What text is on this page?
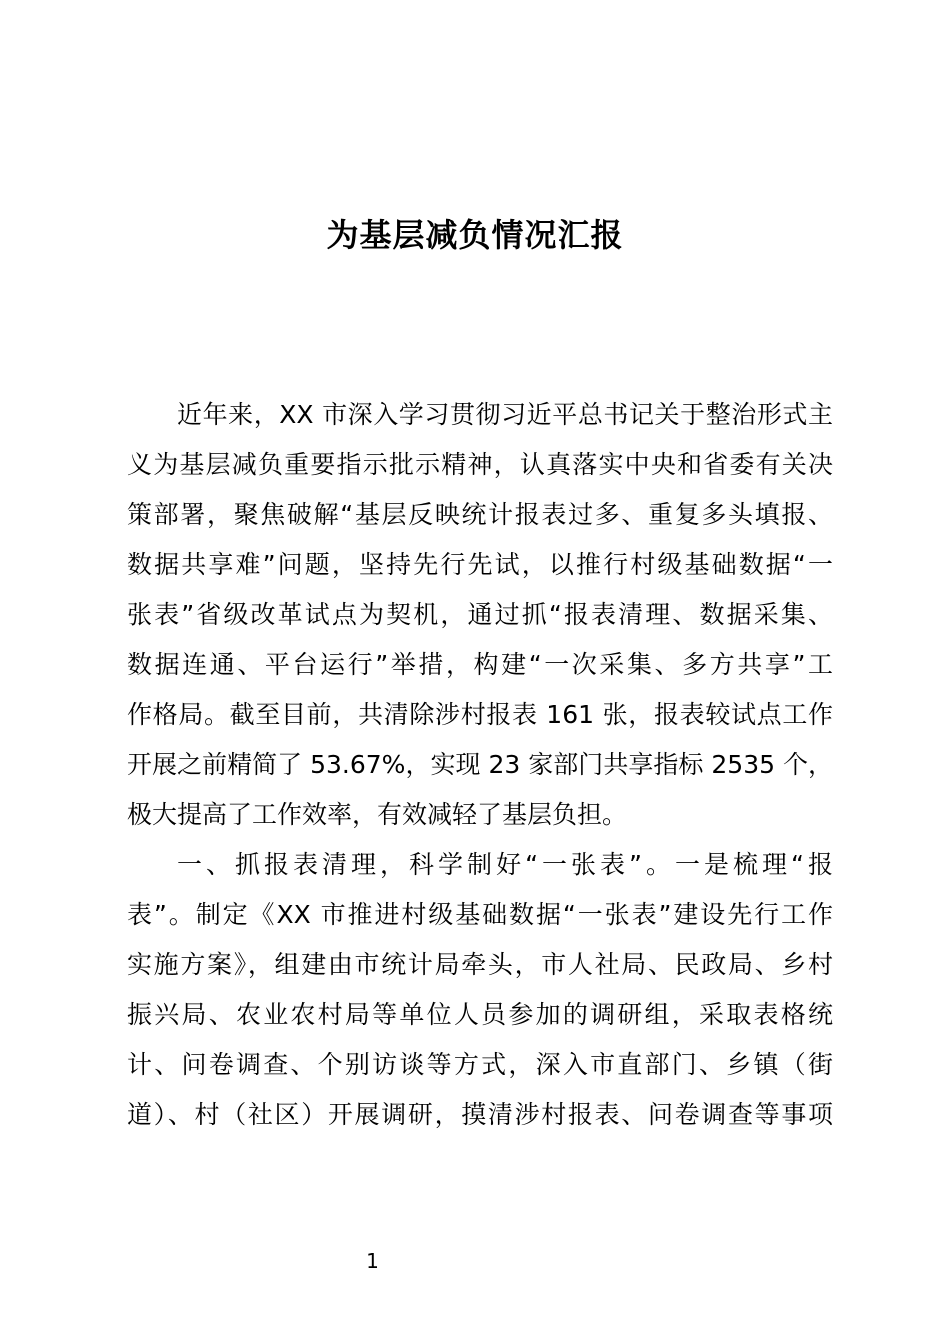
为基层减负情况汇报
近年来，XX 市深入学习贯彻习近平总书记关于整治形式主
义为基层减负重要指示批示精神，认真落实中央和省委有关决
策部署，聚焦破解“基层反映统计报表过多、重复多头填报、
数据共享难”问题，坚持先行先试，以推行村级基础数据“一
张表”省级改革试点为契机，通过抓“报表清理、数据采集、
数据连通、平台运行”举措，构建“一次采集、多方共享”工
作格局。截至目前，共清除涉村报表 161 张，报表较试点工作
开展之前精简了 53.67%，实现 23 家部门共享指标 2535 个，
极大提高了工作效率，有效减轻了基层负担。
一、抓报表清理，科学制好“一张表”。一是梳理“报
表”。制定《XX 市推进村级基础数据“一张表”建设先行工作
实施方案》，组建由市统计局牵头，市人社局、民政局、乡村
振兴局、农业农村局等单位人员参加的调研组，采取表格统
计、问卷调查、个别访谈等方式，深入市直部门、乡镇（街
道）、村（社区）开展调研，摸清涉村报表、问卷调查等事项
1
